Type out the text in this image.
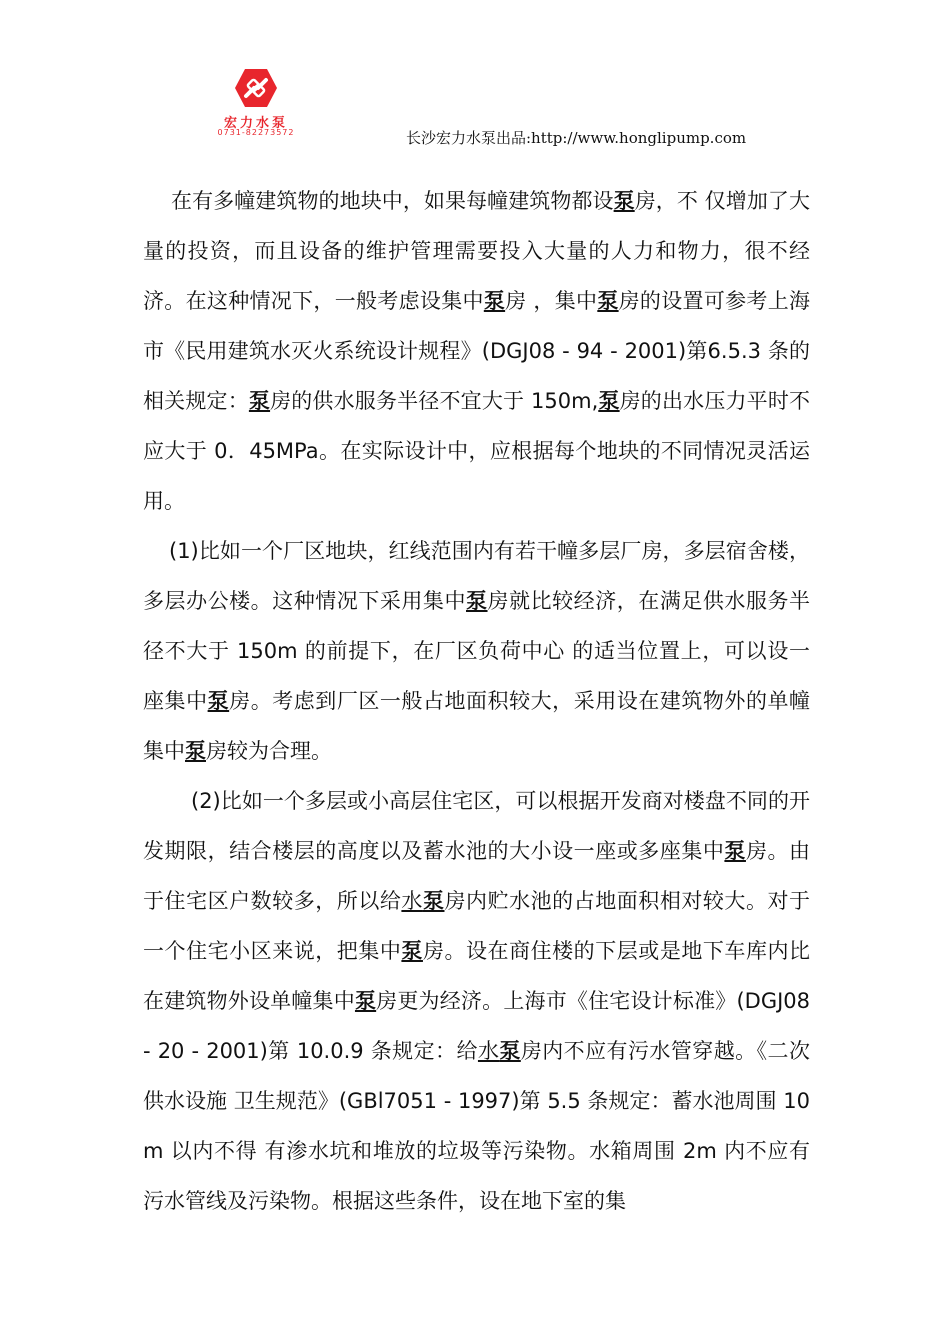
宏力水泵
0731-82273572	长沙宏力水泵出品:http://www.honglipump.com

在有多幢建筑物的地块中，如果每幢建筑物都设泵房，不 仅增加了大量的投资，而且设备的维护管理需要投入大量的人力和物力，很不经济。在这种情况下，一般考虑设集中泵房 ，集中泵房的设置可参考上海市《民用建筑水灭火系统设计规程》(DGJ08 - 94 - 2001)第6.5.3 条的相关规定：泵房的供水服务半径不宜大于 150m,泵房的出水压力平时不应大于 0．45MPa。在实际设计中，应根据每个地块的不同情况灵活运用。

(1)比如一个厂区地块，红线范围内有若干幢多层厂房，多层宿舍楼，多层办公楼。这种情况下采用集中泵房就比较经济，在满足供水服务半径不大于 150m 的前提下，在厂区负荷中心 的适当位置上，可以设一座集中泵房。考虑到厂区一般占地面积较大，采用设在建筑物外的单幢集中泵房较为合理。

(2)比如一个多层或小高层住宅区，可以根据开发商对楼盘不同的开发期限，结合楼层的高度以及蓄水池的大小设一座或多座集中泵房。由于住宅区户数较多，所以给水泵房内贮水池的占地面积相对较大。对于一个住宅小区来说，把集中泵房。设在商住楼的下层或是地下车库内比在建筑物外设单幢集中泵房更为经济。上海市《住宅设计标准》(DGJ08 - 20 - 2001)第 10.0.9 条规定：给水泵房内不应有污水管穿越。《二次供水设施 卫生规范》(GBl7051 - 1997)第 5.5 条规定：蓄水池周围 10m 以内不得 有渗水坑和堆放的垃圾等污染物。水箱周围 2m 内不应有污水管线及污染物。根据这些条件，设在地下室的集
